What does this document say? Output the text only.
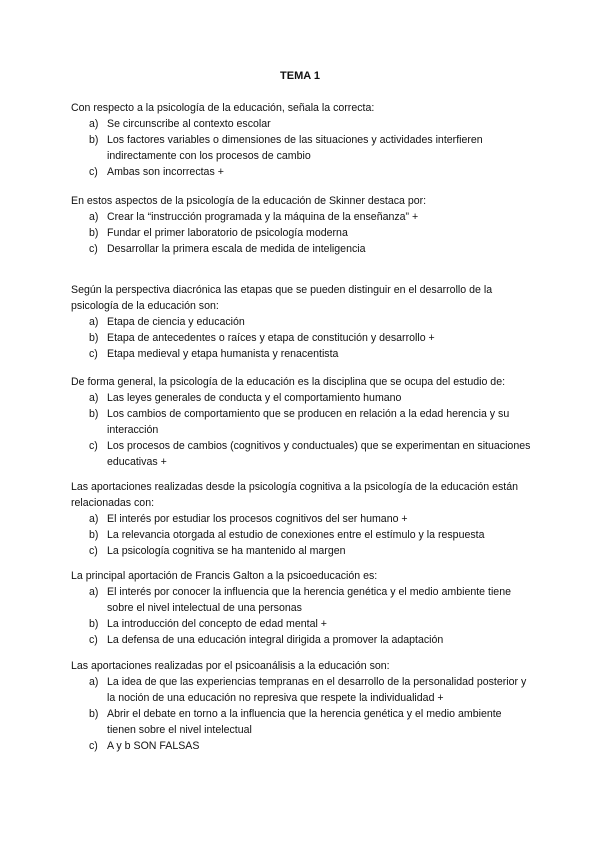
TEMA 1

Con respecto a la psicología de la educación, señala la correcta:

a) Se circunscribe al contexto escolar
b) Los factores variables o dimensiones de las situaciones y actividades interfieren indirectamente con los procesos de cambio
c) Ambas son incorrectas +

En estos aspectos de la psicología de la educación de Skinner destaca por:

a) Crear la “instrucción programada y la máquina de la enseñanza” +
b) Fundar el primer laboratorio de psicología moderna
c) Desarrollar la primera escala de medida de inteligencia

Según la perspectiva diacrónica las etapas que se pueden distinguir en el desarrollo de la psicología de la educación son:

a) Etapa de ciencia y educación
b) Etapa de antecedentes o raíces y etapa de constitución y desarrollo +
c) Etapa medieval y etapa humanista y renacentista

De forma general, la psicología de la educación es la disciplina que se ocupa del estudio de:

a) Las leyes generales de conducta y el comportamiento humano
b) Los cambios de comportamiento que se producen en relación a la edad herencia y su interacción
c) Los procesos de cambios (cognitivos y conductuales) que se experimentan en situaciones educativas +

Las aportaciones realizadas desde la psicología cognitiva a la psicología de la educación están relacionadas con:

a) El interés por estudiar los procesos cognitivos del ser humano +
b) La relevancia otorgada al estudio de conexiones entre el estímulo y la respuesta
c) La psicología cognitiva se ha mantenido al margen

La principal aportación de Francis Galton a la psicoeducación es:

a) El interés por conocer la influencia que la herencia genética y el medio ambiente tiene sobre el nivel intelectual de una personas
b) La introducción del concepto de edad mental +
c) La defensa de una educación integral dirigida a promover la adaptación

Las aportaciones realizadas por el psicoanálisis a la educación son:

a) La idea de que las experiencias tempranas en el desarrollo de la personalidad posterior y la noción de una educación no represiva que respete la individualidad +
b) Abrir el debate en torno a la influencia que la herencia genética y el medio ambiente tienen sobre el nivel intelectual
c) A y b SON FALSAS
